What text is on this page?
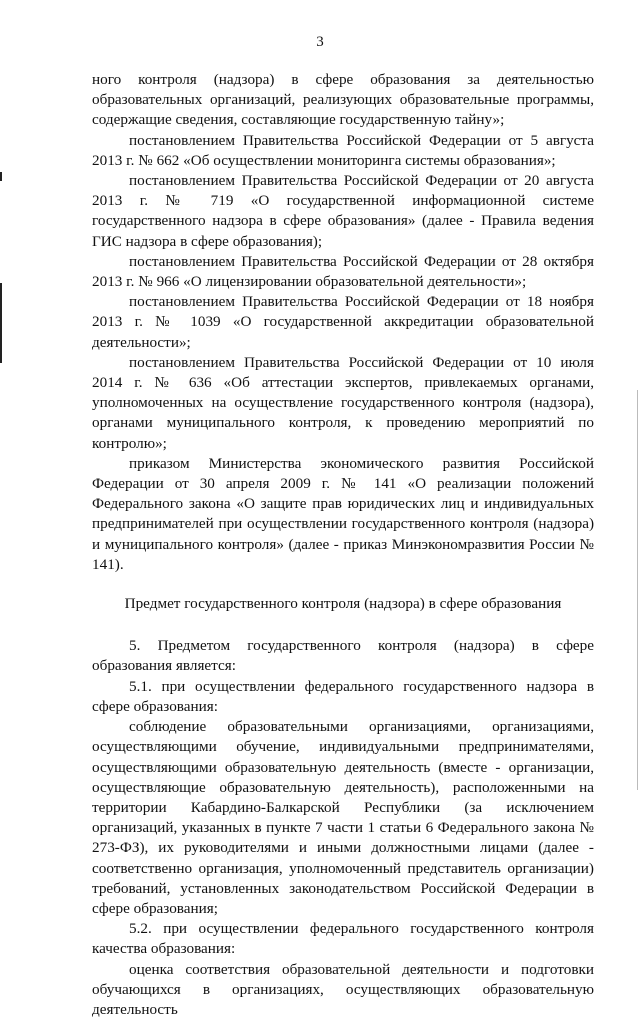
3

ного контроля (надзора) в сфере образования за деятельностью образовательных организаций, реализующих образовательные программы, содержащие сведения, составляющие государственную тайну»;

постановлением Правительства Российской Федерации от 5 августа 2013 г. № 662 «Об осуществлении мониторинга системы образования»;

постановлением Правительства Российской Федерации от 20 августа 2013 г. № 719 «О государственной информационной системе государственного надзора в сфере образования» (далее - Правила ведения ГИС надзора в сфере образования);

постановлением Правительства Российской Федерации от 28 октября 2013 г. № 966 «О лицензировании образовательной деятельности»;

постановлением Правительства Российской Федерации от 18 ноября 2013 г. № 1039 «О государственной аккредитации образовательной деятельности»;

постановлением Правительства Российской Федерации от 10 июля 2014 г. № 636 «Об аттестации экспертов, привлекаемых органами, уполномоченных на осуществление государственного контроля (надзора), органами муниципального контроля, к проведению мероприятий по контролю»;

приказом Министерства экономического развития Российской Федерации от 30 апреля 2009 г. № 141 «О реализации положений Федерального закона «О защите прав юридических лиц и индивидуальных предпринимателей при осуществлении государственного контроля (надзора) и муниципального контроля» (далее - приказ Минэкономразвития России № 141).

Предмет государственного контроля (надзора) в сфере образования

5. Предметом государственного контроля (надзора) в сфере образования является:

5.1. при осуществлении федерального государственного надзора в сфере образования:

соблюдение образовательными организациями, организациями, осуществляющими обучение, индивидуальными предпринимателями, осуществляющими образовательную деятельность (вместе - организации, осуществляющие образовательную деятельность), расположенными на территории Кабардино-Балкарской Республики (за исключением организаций, указанных в пункте 7 части 1 статьи 6 Федерального закона № 273-ФЗ), их руководителями и иными должностными лицами (далее - соответственно организация, уполномоченный представитель организации) требований, установленных законодательством Российской Федерации в сфере образования;

5.2. при осуществлении федерального государственного контроля качества образования:

оценка соответствия образовательной деятельности и подготовки обучающихся в организациях, осуществляющих образовательную деятельность
